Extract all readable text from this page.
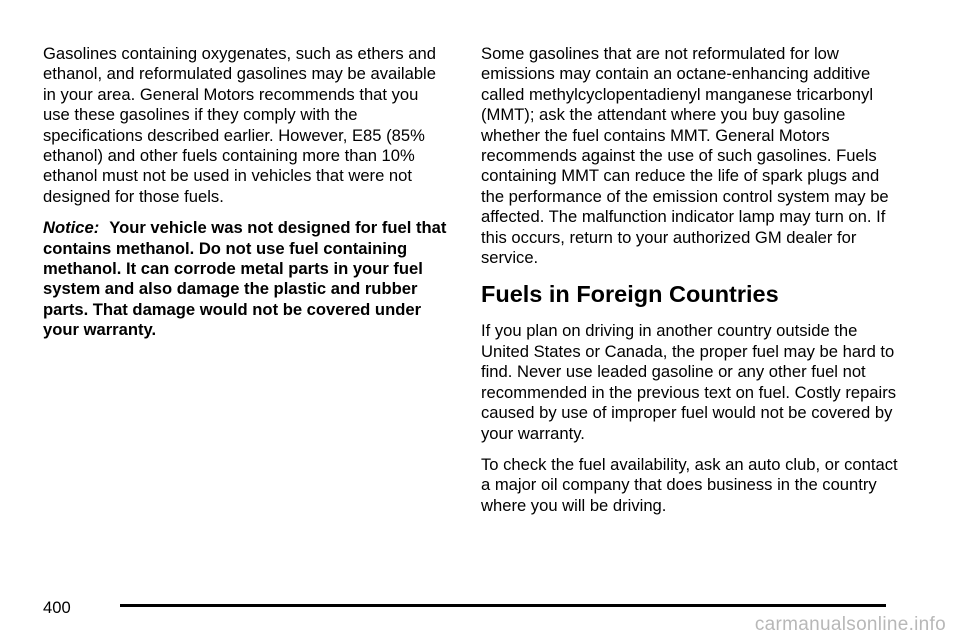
Gasolines containing oxygenates, such as ethers and ethanol, and reformulated gasolines may be available in your area. General Motors recommends that you use these gasolines if they comply with the specifications described earlier. However, E85 (85% ethanol) and other fuels containing more than 10% ethanol must not be used in vehicles that were not designed for those fuels.

Notice: Your vehicle was not designed for fuel that contains methanol. Do not use fuel containing methanol. It can corrode metal parts in your fuel system and also damage the plastic and rubber parts. That damage would not be covered under your warranty.

Some gasolines that are not reformulated for low emissions may contain an octane-enhancing additive called methylcyclopentadienyl manganese tricarbonyl (MMT); ask the attendant where you buy gasoline whether the fuel contains MMT. General Motors recommends against the use of such gasolines. Fuels containing MMT can reduce the life of spark plugs and the performance of the emission control system may be affected. The malfunction indicator lamp may turn on. If this occurs, return to your authorized GM dealer for service.

Fuels in Foreign Countries

If you plan on driving in another country outside the United States or Canada, the proper fuel may be hard to find. Never use leaded gasoline or any other fuel not recommended in the previous text on fuel. Costly repairs caused by use of improper fuel would not be covered by your warranty.

To check the fuel availability, ask an auto club, or contact a major oil company that does business in the country where you will be driving.

400
carmanualsonline.info
